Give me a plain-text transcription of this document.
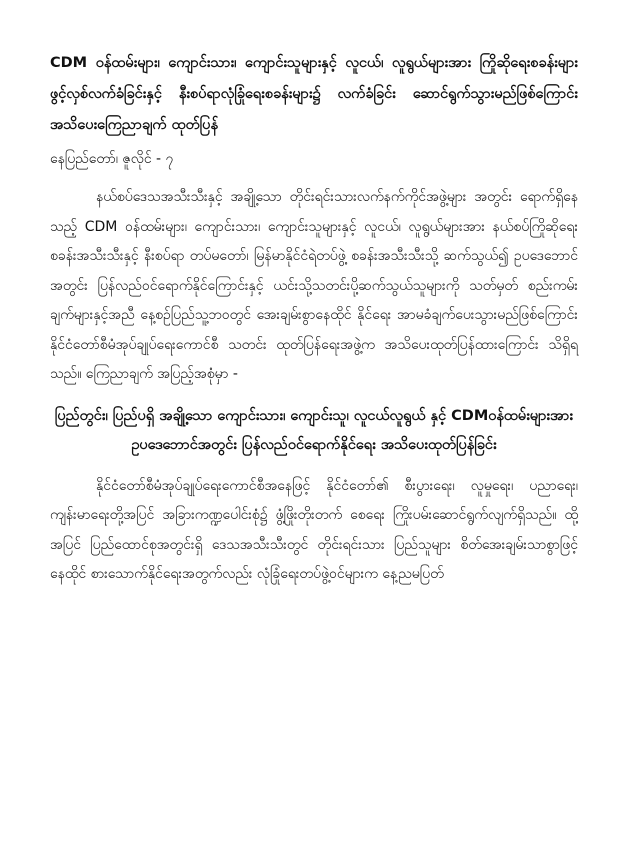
CDM ဝန်ထမ်းများ၊ ကျောင်းသား၊ ကျောင်းသူများနှင့် လူငယ်၊ လူရွယ်များအား ကြိုဆိုရေးစခန်းများ ဖွင့်လှစ်လက်ခံခြင်းနှင့် နီးစပ်ရာလုံခြုံရေးစခန်းများ၌ လက်ခံခြင်း ဆောင်ရွက်သွားမည်ဖြစ်ကြောင်း အသိပေးကြေညာချက် ထုတ်ပြန်

နေပြည်တော်၊ ဇူလိုင် - ၇

နယ်စပ်ဒေသအသီးသီးနှင့် အချို့သော တိုင်းရင်းသားလက်နက်ကိုင်အဖွဲ့များ အတွင်း ရောက်ရှိနေသည့် CDM ဝန်ထမ်းများ၊ ကျောင်းသား၊ ကျောင်းသူများနှင့် လူငယ်၊ လူရွယ်များအား နယ်စပ်ကြိုဆိုရေးစခန်းအသီးသီးနှင့် နီးစပ်ရာ တပ်မတော်၊ မြန်မာနိုင်ငံရဲတပ်ဖွဲ့ စခန်းအသီးသီးသို့ ဆက်သွယ်၍ ဥပဒေဘောင်အတွင်း ပြန်လည်ဝင်ရောက်နိုင်ကြောင်းနှင့် ယင်းသို့သတင်းပို့ဆက်သွယ်သူများကို သတ်မှတ် စည်းကမ်းချက်များနှင့်အညီ နေ့စဉ်ပြည်သူ့ဘဝတွင် အေးချမ်းစွာနေထိုင် နိုင်ရေး အာမခံချက်ပေးသွားမည်ဖြစ်ကြောင်း နိုင်ငံတော်စီမံအုပ်ချုပ်ရေးကောင်စီ သတင်း ထုတ်ပြန်ရေးအဖွဲ့က အသိပေးထုတ်ပြန်ထားကြောင်း သိရှိရသည်။ ကြေညာချက် အပြည့်အစုံမှာ -

ပြည်တွင်း၊ ပြည်ပရှိ အချို့သော ကျောင်းသား၊ ကျောင်းသူ၊ လူငယ်လူရွယ် နှင့် CDMဝန်ထမ်းများအား ဥပဒေဘောင်အတွင်း ပြန်လည်ဝင်ရောက်နိုင်ရေး အသိပေးထုတ်ပြန်ခြင်း

နိုင်ငံတော်စီမံအုပ်ချုပ်ရေးကောင်စီအနေဖြင့် နိုင်ငံတော်၏ စီးပွားရေး၊ လူမှုရေး၊ ပညာရေး၊ ကျန်းမာရေးတို့အပြင် အခြားကဏ္ဍပေါင်းစုံ၌ ဖွံ့ဖြိုးတိုးတက် စေရေး ကြိုးပမ်းဆောင်ရွက်လျက်ရှိသည်။ ထို့အပြင် ပြည်ထောင်စုအတွင်းရှိ ဒေသအသီးသီးတွင် တိုင်းရင်းသား ပြည်သူများ စိတ်အေးချမ်းသာစွာဖြင့် နေထိုင် စားသောက်နိုင်ရေးအတွက်လည်း လုံခြုံရေးတပ်ဖွဲ့ဝင်များက နေ့ညမပြတ်
